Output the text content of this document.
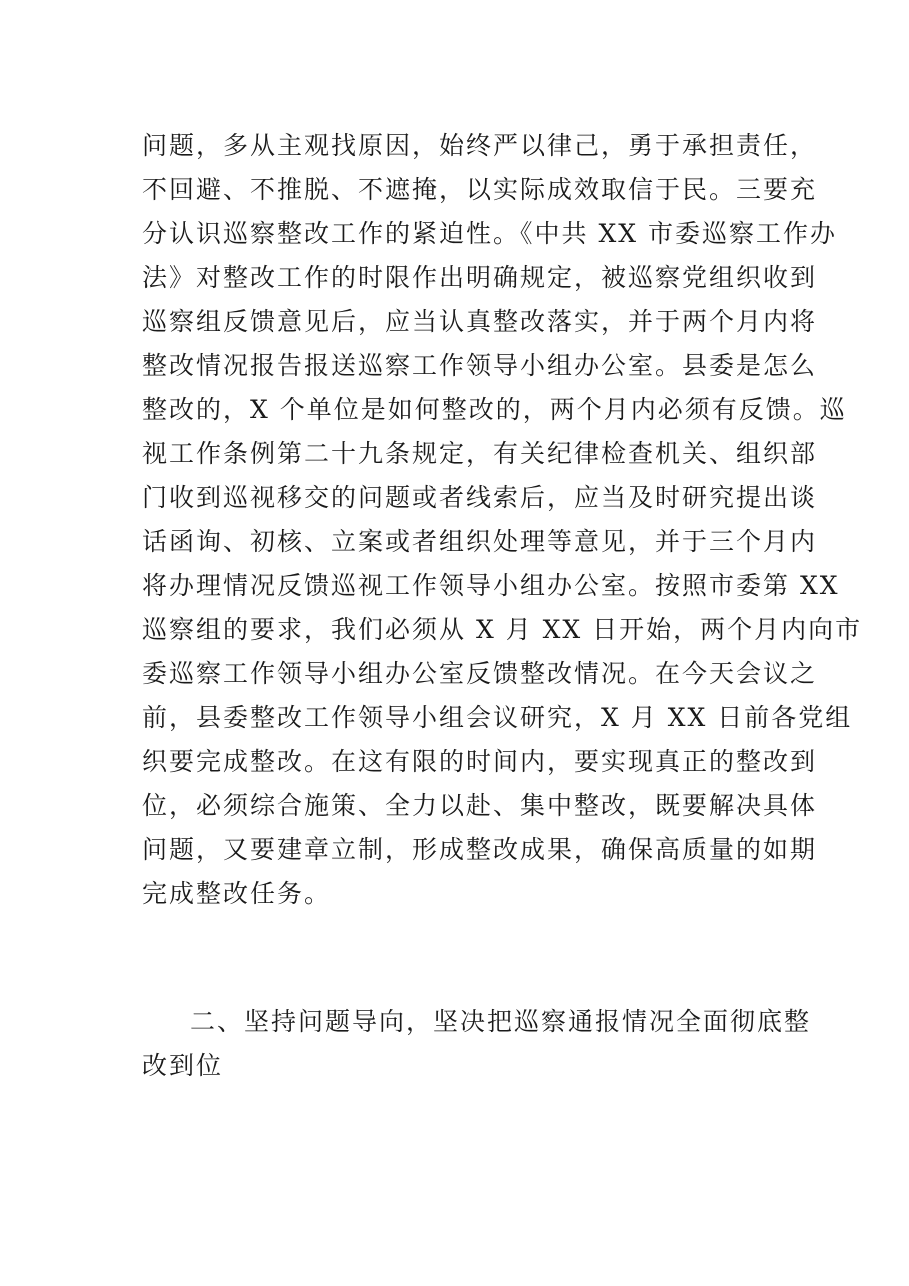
问题，多从主观找原因，始终严以律己，勇于承担责任，
不回避、不推脱、不遮掩，以实际成效取信于民。三要充
分认识巡察整改工作的紧迫性。《中共 XX 市委巡察工作办
法》对整改工作的时限作出明确规定，被巡察党组织收到
巡察组反馈意见后，应当认真整改落实，并于两个月内将
整改情况报告报送巡察工作领导小组办公室。县委是怎么
整改的，X 个单位是如何整改的，两个月内必须有反馈。巡
视工作条例第二十九条规定，有关纪律检查机关、组织部
门收到巡视移交的问题或者线索后，应当及时研究提出谈
话函询、初核、立案或者组织处理等意见，并于三个月内
将办理情况反馈巡视工作领导小组办公室。按照市委第 XX
巡察组的要求，我们必须从 X 月 XX 日开始，两个月内向市
委巡察工作领导小组办公室反馈整改情况。在今天会议之
前，县委整改工作领导小组会议研究，X 月 XX 日前各党组
织要完成整改。在这有限的时间内，要实现真正的整改到
位，必须综合施策、全力以赴、集中整改，既要解决具体
问题，又要建章立制，形成整改成果，确保高质量的如期
完成整改任务。
二、坚持问题导向，坚决把巡察通报情况全面彻底整
改到位
